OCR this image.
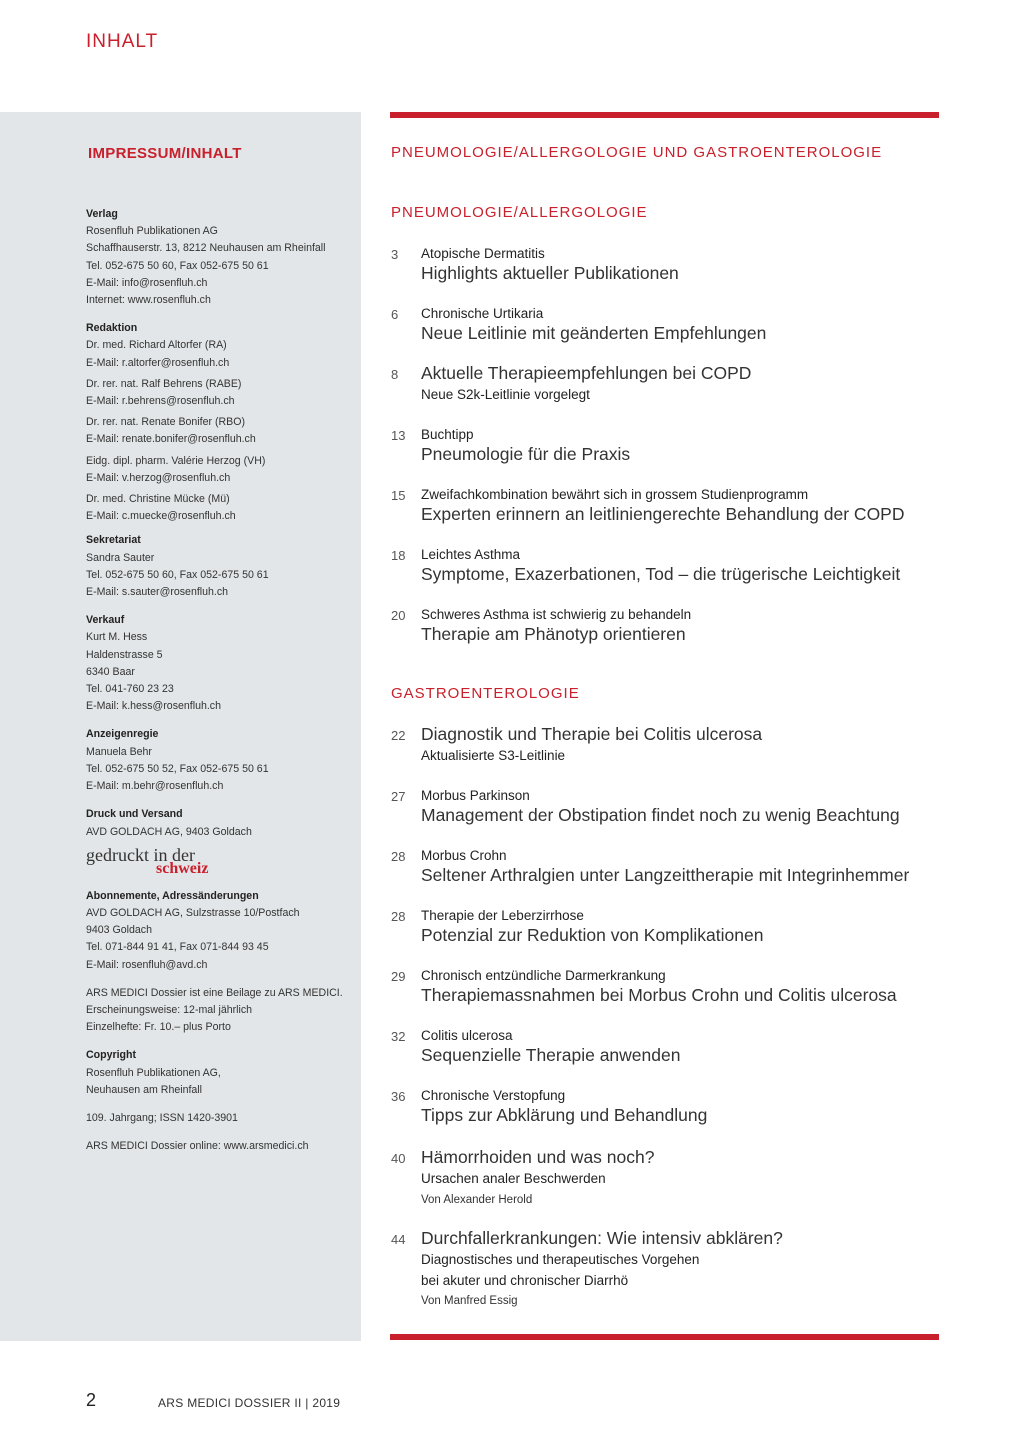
INHALT
IMPRESSUM/INHALT
Verlag
Rosenfluh Publikationen AG
Schaffhauserstr. 13, 8212 Neuhausen am Rheinfall
Tel. 052-675 50 60, Fax 052-675 50 61
E-Mail: info@rosenfluh.ch
Internet: www.rosenfluh.ch
Redaktion
Dr. med. Richard Altorfer (RA)
E-Mail: r.altorfer@rosenfluh.ch
Dr. rer. nat. Ralf Behrens (RABE)
E-Mail: r.behrens@rosenfluh.ch
Dr. rer. nat. Renate Bonifer (RBO)
E-Mail: renate.bonifer@rosenfluh.ch
Eidg. dipl. pharm. Valérie Herzog (VH)
E-Mail: v.herzog@rosenfluh.ch
Dr. med. Christine Mücke (Mü)
E-Mail: c.muecke@rosenfluh.ch
Sekretariat
Sandra Sauter
Tel. 052-675 50 60, Fax 052-675 50 61
E-Mail: s.sauter@rosenfluh.ch
Verkauf
Kurt M. Hess
Haldenstrasse 5
6340 Baar
Tel. 041-760 23 23
E-Mail: k.hess@rosenfluh.ch
Anzeigenregie
Manuela Behr
Tel. 052-675 50 52, Fax 052-675 50 61
E-Mail: m.behr@rosenfluh.ch
Druck und Versand
AVD GOLDACH AG, 9403 Goldach
gedruckt in der
schweiz
Abonnemente, Adressänderungen
AVD GOLDACH AG, Sulzstrasse 10/Postfach
9403 Goldach
Tel. 071-844 91 41, Fax 071-844 93 45
E-Mail: rosenfluh@avd.ch
ARS MEDICI Dossier ist eine Beilage zu ARS MEDICI.
Erscheinungsweise: 12-mal jährlich
Einzelhefte: Fr. 10.– plus Porto
Copyright
Rosenfluh Publikationen AG,
Neuhausen am Rheinfall
109. Jahrgang; ISSN 1420-3901
ARS MEDICI Dossier online: www.arsmedici.ch
PNEUMOLOGIE/ALLERGOLOGIE UND GASTROENTEROLOGIE
PNEUMOLOGIE/ALLERGOLOGIE
3 Atopische Dermatitis
Highlights aktueller Publikationen
6 Chronische Urtikaria
Neue Leitlinie mit geänderten Empfehlungen
8 Aktuelle Therapieempfehlungen bei COPD
Neue S2k-Leitlinie vorgelegt
13 Buchtipp
Pneumologie für die Praxis
15 Zweifachkombination bewährt sich in grossem Studienprogramm
Experten erinnern an leitliniengerechte Behandlung der COPD
18 Leichtes Asthma
Symptome, Exazerbationen, Tod – die trügerische Leichtigkeit
20 Schweres Asthma ist schwierig zu behandeln
Therapie am Phänotyp orientieren
GASTROENTEROLOGIE
22 Diagnostik und Therapie bei Colitis ulcerosa
Aktualisierte S3-Leitlinie
27 Morbus Parkinson
Management der Obstipation findet noch zu wenig Beachtung
28 Morbus Crohn
Seltener Arthralgien unter Langzeittherapie mit Integrinhemmer
28 Therapie der Leberzirrhose
Potenzial zur Reduktion von Komplikationen
29 Chronisch entzündliche Darmerkrankung
Therapiemassnahmen bei Morbus Crohn und Colitis ulcerosa
32 Colitis ulcerosa
Sequenzielle Therapie anwenden
36 Chronische Verstopfung
Tipps zur Abklärung und Behandlung
40 Hämorrhoiden und was noch?
Ursachen analer Beschwerden
Von Alexander Herold
44 Durchfallerkrankungen: Wie intensiv abklären?
Diagnostisches und therapeutisches Vorgehen
bei akuter und chronischer Diarrhö
Von Manfred Essig
2	ARS MEDICI DOSSIER II | 2019
